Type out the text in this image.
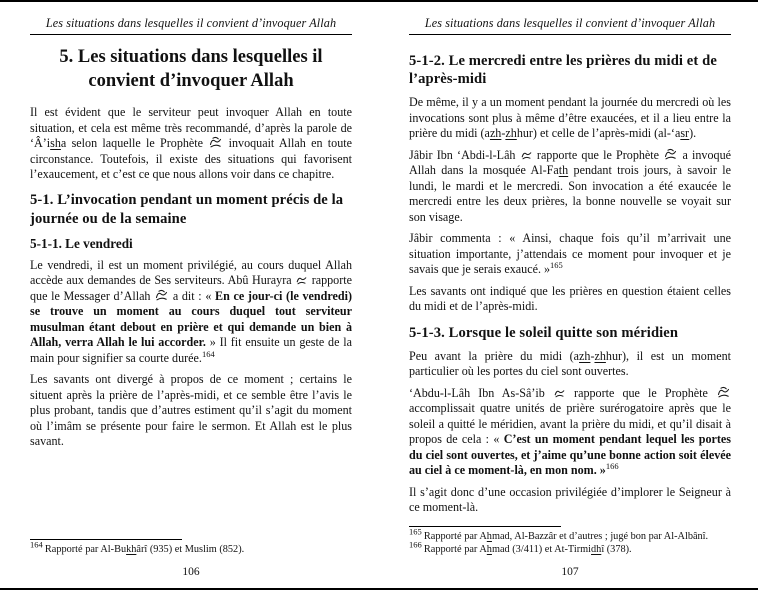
Les situations dans lesquelles il convient d’invoquer Allah
5. Les situations dans lesquelles il convient d’invoquer Allah

Il est évident que le serviteur peut invoquer Allah en toute situation, et cela est même très recommandé, d’après la parole de ‘Â’isha selon laquelle le Prophète  invoquait Allah en toute circonstance. Toutefois, il existe des situations qui favorisent l’exaucement, et c’est ce que nous allons voir dans ce chapitre.

5-1. L’invocation pendant un moment précis de la journée ou de la semaine
5-1-1. Le vendredi

Le vendredi, il est un moment privilégié, au cours duquel Allah accède aux demandes de Ses serviteurs. Abû Hurayra  rapporte que le Messager d’Allah  a dit : « En ce jour-ci (le vendredi) se trouve un moment au cours duquel tout serviteur musulman étant debout en prière et qui demande un bien à Allah, verra Allah le lui accorder. » Il fit ensuite un geste de la main pour signifier sa courte durée.$^{164}$

Les savants ont divergé à propos de ce moment ; certains le situent après la prière de l’après-midi, et ce semble être l’avis le plus probant, tandis que d’autres estiment qu’il s’agit du moment où l’imâm se présente pour faire le sermon. Et Allah est le plus savant.

$^{164}$ Rapporté par Al-Bukhârî (935) et Muslim (852).

106
Les situations dans lesquelles il convient d’invoquer Allah
5-1-2. Le mercredi entre les prières du midi et de l’après-midi

De même, il y a un moment pendant la journée du mercredi où les invocations sont plus à même d’être exaucées, et il a lieu entre la prière du midi (azh-zhhur) et celle de l’après-midi (al-‘asr).

Jâbir Ibn ‘Abdi-l-Lâh  rapporte que le Prophète  a invoqué Allah dans la mosquée Al-Fath pendant trois jours, à savoir le lundi, le mardi et le mercredi. Son invocation a été exaucée le mercredi entre les deux prières, la bonne nouvelle se voyait sur son visage.

Jâbir commenta : « Ainsi, chaque fois qu’il m’arrivait une situation importante, j’attendais ce moment pour invoquer et je savais que je serais exaucé. »$^{165}$

Les savants ont indiqué que les prières en question étaient celles du midi et de l’après-midi.

5-1-3. Lorsque le soleil quitte son méridien

Peu avant la prière du midi (azh-zhhur), il est un moment particulier où les portes du ciel sont ouvertes.

‘Abdu-l-Lâh Ibn As-Sâ’ib  rapporte que le Prophète  accomplissait quatre unités de prière surérogatoire après que le soleil a quitté le méridien, avant la prière du midi, et qu’il disait à propos de cela : « C’est un moment pendant lequel les portes du ciel sont ouvertes, et j’aime qu’une bonne action soit élevée au ciel à ce moment-là, en mon nom. »$^{166}$

Il s’agit donc d’une occasion privilégiée d’implorer le Seigneur à ce moment-là.

$^{165}$ Rapporté par Ahmad, Al-Bazzâr et d’autres ; jugé bon par Al-Albânî.

$^{166}$ Rapporté par Ahmad (3/411) et At-Tirmidhî (378).

107
